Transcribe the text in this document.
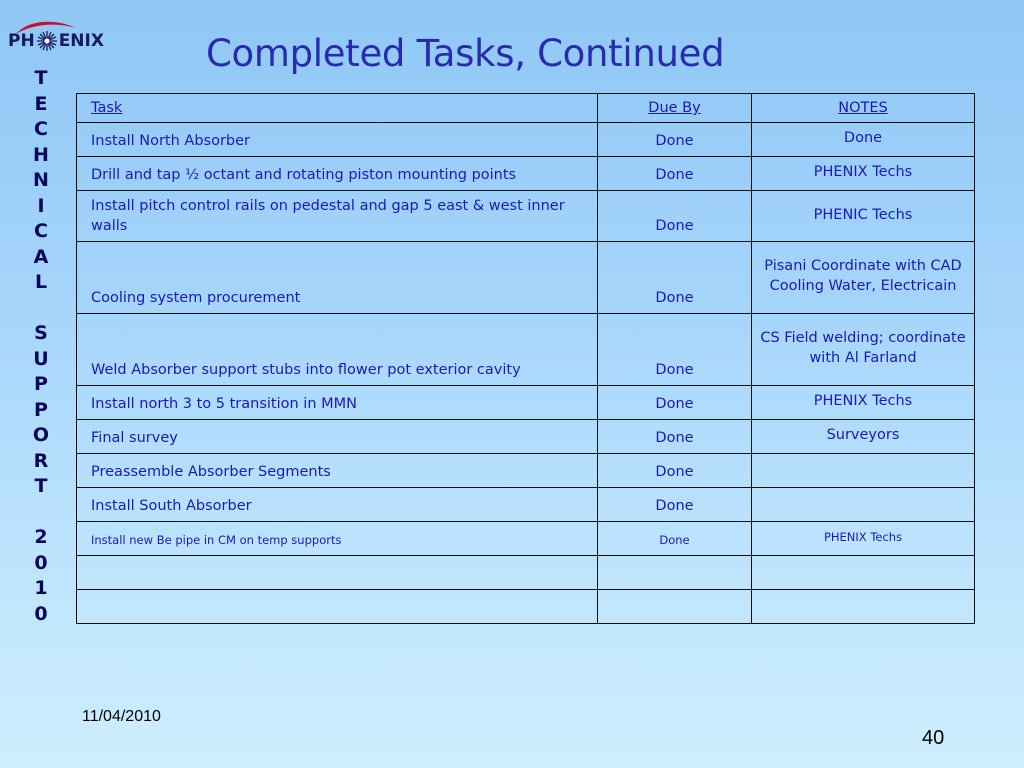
PH ENIX
T
E
C
H
N
I
C
A
L

S
U
P
P
O
R
T

2
0
1
0
Completed Tasks, Continued
Task	Due By	NOTES
Install North Absorber	Done	Done
Drill and tap ½ octant and rotating piston mounting points	Done	PHENIX Techs
Install pitch control rails on pedestal and gap 5 east & west inner walls	Done	PHENIC Techs
Cooling system procurement	Done	Pisani Coordinate with CAD Cooling Water, Electricain
Weld Absorber support stubs into flower pot exterior cavity	Done	CS Field welding; coordinate with Al Farland
Install north 3 to 5 transition in MMN	Done	PHENIX Techs
Final survey	Done	Surveyors
Preassemble Absorber Segments	Done	
Install South Absorber	Done	
Install new Be pipe in CM on temp supports	Done	PHENIX Techs

11/04/2010
40
